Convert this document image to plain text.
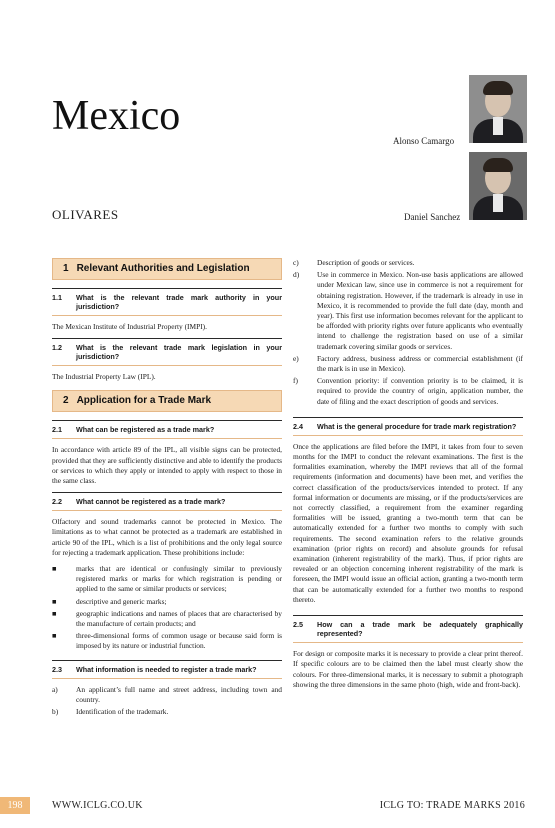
Mexico
Alonso Camargo
Daniel Sanchez
OLIVARES
1 Relevant Authorities and Legislation
1.1	What is the relevant trade mark authority in your jurisdiction?
The Mexican Institute of Industrial Property (IMPI).
1.2	What is the relevant trade mark legislation in your jurisdiction?
The Industrial Property Law (IPL).
2 Application for a Trade Mark
2.1	What can be registered as a trade mark?
In accordance with article 89 of the IPL, all visible signs can be protected, provided that they are sufficiently distinctive and able to identify the products or services to which they apply or intended to apply with respect to those in the same class.
2.2	What cannot be registered as a trade mark?
Olfactory and sound trademarks cannot be protected in Mexico. The limitations as to what cannot be protected as a trademark are established in article 90 of the IPL, which is a list of prohibitions and the only legal source for rejecting a trademark application. These prohibitions include:
■	marks that are identical or confusingly similar to previously registered marks or marks for which registration is pending or applied to the same or similar products or services;
■	descriptive and generic marks;
■	geographic indications and names of places that are characterised by the manufacture of certain products; and
■	three-dimensional forms of common usage or because said form is imposed by its nature or industrial function.
2.3	What information is needed to register a trade mark?
a)	An applicant’s full name and street address, including town and country.
b)	Identification of the trademark.
c)	Description of goods or services.
d)	Use in commerce in Mexico. Non-use basis applications are allowed under Mexican law, since use in commerce is not a requirement for obtaining registration. However, if the trademark is already in use in Mexico, it is recommended to provide the full date (day, month and year). This first use information becomes relevant for the applicant to be afforded with priority rights over future applicants who eventually intend to challenge the registration based on use of a similar trademark covering similar goods or services.
e)	Factory address, business address or commercial establishment (if the mark is in use in Mexico).
f)	Convention priority: if convention priority is to be claimed, it is required to provide the country of origin, application number, the date of filing and the exact description of goods and services.
2.4	What is the general procedure for trade mark registration?
Once the applications are filed before the IMPI, it takes from four to seven months for the IMPI to conduct the relevant examinations. The first is the formalities examination, whereby the IMPI reviews that all of the formal requirements (information and documents) have been met, and verifies the correct classification of the products/services intended to protect. If any formal information or documents are missing, or if the products/services are not correctly classified, a requirement from the examiner regarding formalities will be issued, granting a two-month term that can be automatically extended for a further two months to comply with such requirements. The second examination refers to the relative grounds examination (prior rights on record) and absolute grounds for refusal examination (inherent registrability of the mark). Thus, if prior rights are revealed or an objection concerning inherent registrability of the mark is foreseen, the IMPI would issue an official action, granting a two-month term that can be automatically extended for a further two months to respond thereto.
2.5	How can a trade mark be adequately graphically represented?
For design or composite marks it is necessary to provide a clear print thereof. If specific colours are to be claimed then the label must clearly show the colours. For three-dimensional marks, it is necessary to submit a photograph showing the three dimensions in the same photo (high, wide and front-back).
198	WWW.ICLG.CO.UK	ICLG TO: TRADE MARKS 2016
